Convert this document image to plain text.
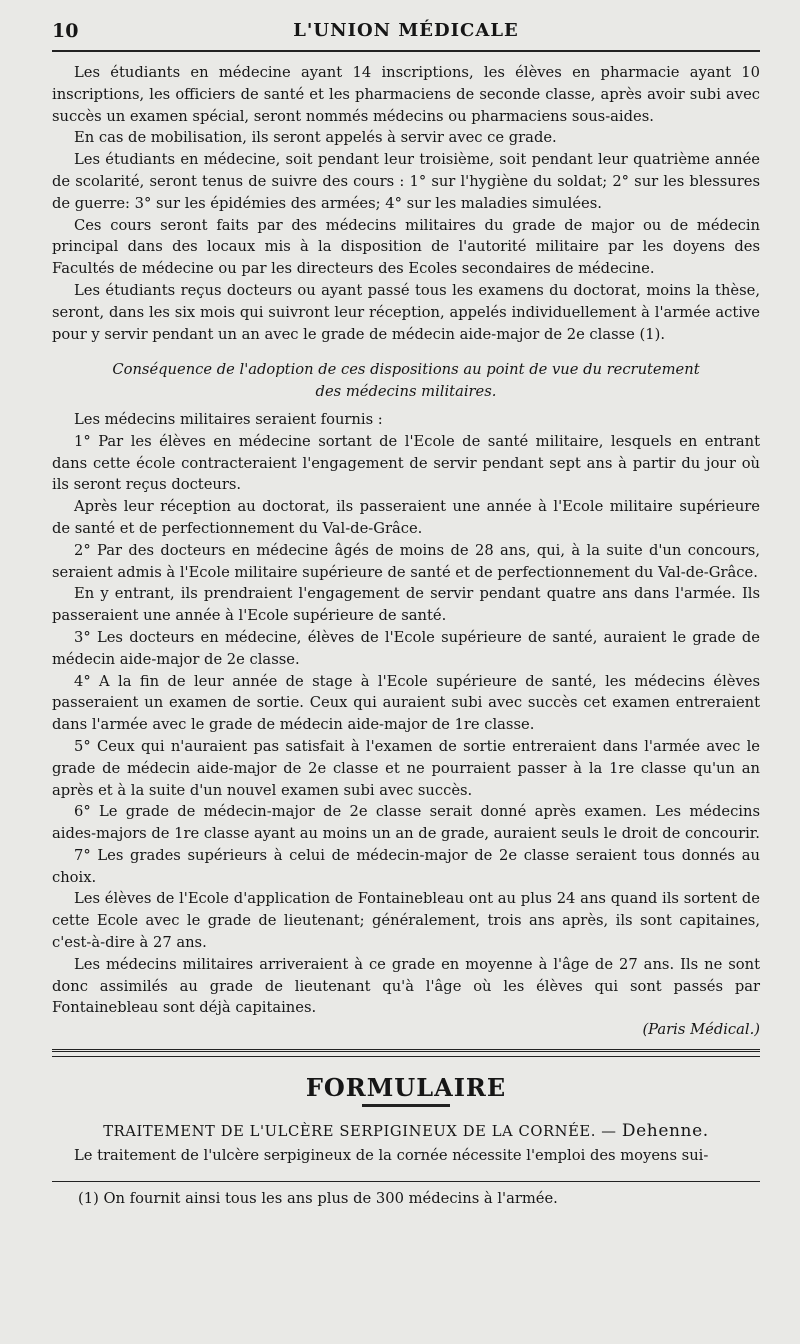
10	L'UNION MÉDICALE

Les étudiants en médecine ayant 14 inscriptions, les élèves en pharmacie ayant 10 inscriptions, les officiers de santé et les pharmaciens de seconde classe, après avoir subi avec succès un examen spécial, seront nommés médecins ou pharmaciens sous-aides.

En cas de mobilisation, ils seront appelés à servir avec ce grade.

Les étudiants en médecine, soit pendant leur troisième, soit pendant leur quatrième année de scolarité, seront tenus de suivre des cours : 1° sur l'hygiène du soldat; 2° sur les blessures de guerre: 3° sur les épidémies des armées; 4° sur les maladies simulées.

Ces cours seront faits par des médecins militaires du grade de major ou de médecin principal dans des locaux mis à la disposition de l'autorité militaire par les doyens des Facultés de médecine ou par les directeurs des Ecoles secondaires de médecine.

Les étudiants reçus docteurs ou ayant passé tous les examens du doctorat, moins la thèse, seront, dans les six mois qui suivront leur réception, appelés individuellement à l'armée active pour y servir pendant un an avec le grade de médecin aide-major de 2e classe (1).

Conséquence de l'adoption de ces dispositions au point de vue du recrutement

des médecins militaires.

Les médecins militaires seraient fournis :

1° Par les élèves en médecine sortant de l'Ecole de santé militaire, lesquels en entrant dans cette école contracteraient l'engagement de servir pendant sept ans à partir du jour où ils seront reçus docteurs.

Après leur réception au doctorat, ils passeraient une année à l'Ecole militaire supérieure de santé et de perfectionnement du Val-de-Grâce.

2° Par des docteurs en médecine âgés de moins de 28 ans, qui, à la suite d'un concours, seraient admis à l'Ecole militaire supérieure de santé et de perfectionnement du Val-de-Grâce.

En y entrant, ils prendraient l'engagement de servir pendant quatre ans dans l'armée. Ils passeraient une année à l'Ecole supérieure de santé.

3° Les docteurs en médecine, élèves de l'Ecole supérieure de santé, auraient le grade de médecin aide-major de 2e classe.

4° A la fin de leur année de stage à l'Ecole supérieure de santé, les médecins élèves passeraient un examen de sortie. Ceux qui auraient subi avec succès cet examen entreraient dans l'armée avec le grade de médecin aide-major de 1re classe.

5° Ceux qui n'auraient pas satisfait à l'examen de sortie entreraient dans l'armée avec le grade de médecin aide-major de 2e classe et ne pourraient passer à la 1re classe qu'un an après et à la suite d'un nouvel examen subi avec succès.

6° Le grade de médecin-major de 2e classe serait donné après examen. Les médecins aides-majors de 1re classe ayant au moins un an de grade, auraient seuls le droit de concourir.

7° Les grades supérieurs à celui de médecin-major de 2e classe seraient tous donnés au choix.

Les élèves de l'Ecole d'application de Fontainebleau ont au plus 24 ans quand ils sortent de cette Ecole avec le grade de lieutenant; généralement, trois ans après, ils sont capitaines, c'est-à-dire à 27 ans.

Les médecins militaires arriveraient à ce grade en moyenne à l'âge de 27 ans. Ils ne sont donc assimilés au grade de lieutenant qu'à l'âge où les élèves qui sont passés par Fontainebleau sont déjà capitaines.

(Paris Médical.)

FORMULAIRE
TRAITEMENT DE L'ULCÈRE SERPIGINEUX DE LA CORNÉE. — Dehenne.

Le traitement de l'ulcère serpigineux de la cornée nécessite l'emploi des moyens sui-

(1) On fournit ainsi tous les ans plus de 300 médecins à l'armée.
